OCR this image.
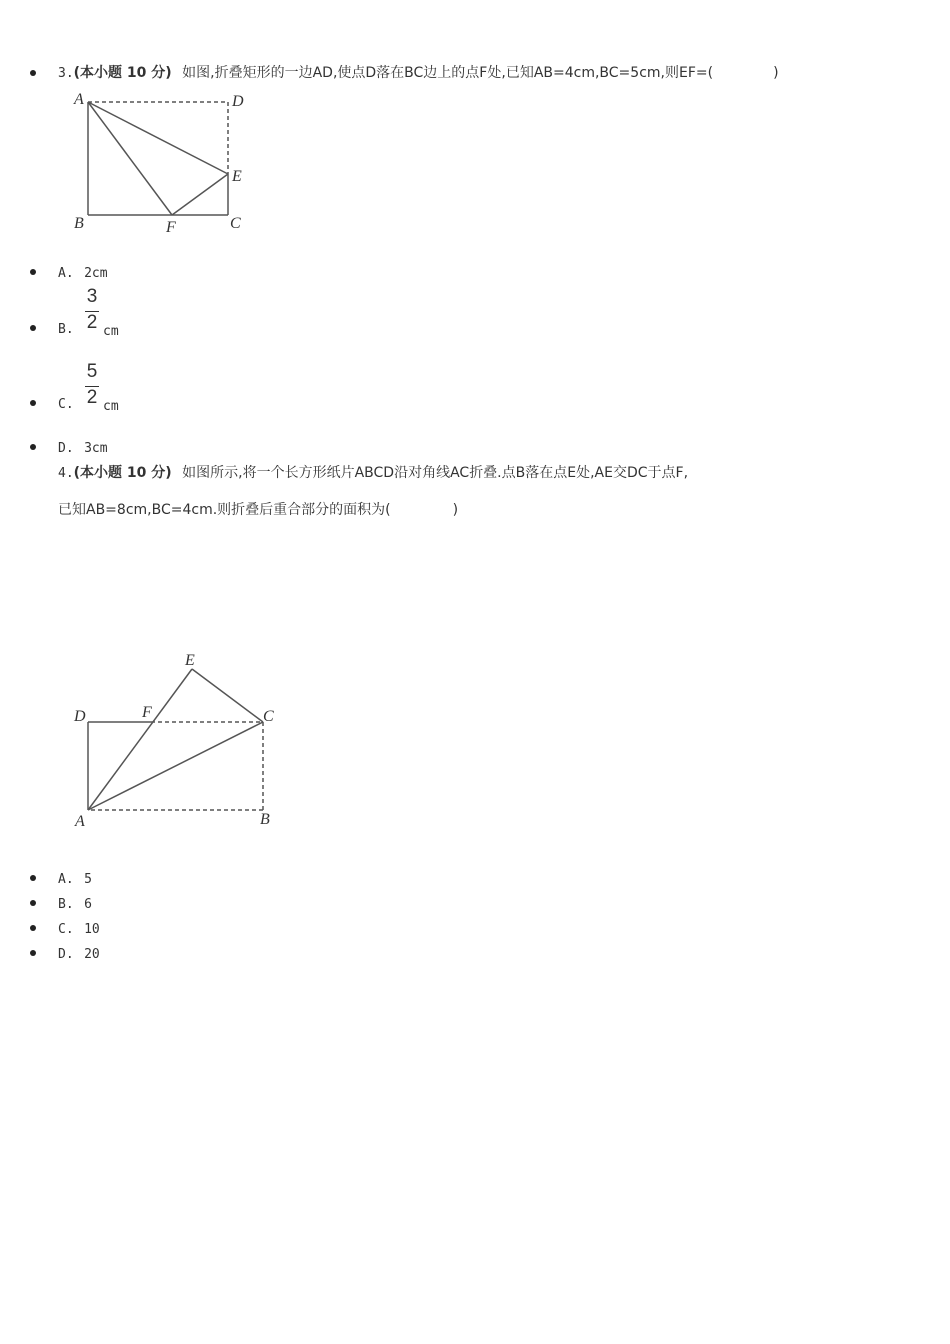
3.(本小题 10 分) 如图,折叠矩形的一边AD,使点D落在BC边上的点F处,已知AB=4cm,BC=5cm,则EF=(	)
A	D
E
B	F	C
A. 2cm
B.
3
2 cm
C.
5
2 cm
D. 3cm
4.(本小题 10 分) 如图所示,将一个长方形纸片ABCD沿对角线AC折叠.点B落在点E处,AE交DC于点F,
已知AB=8cm,BC=4cm.则折叠后重合部分的面积为(	)
E
D	F	C
A	B
A. 5
B. 6
C. 10
D. 20
